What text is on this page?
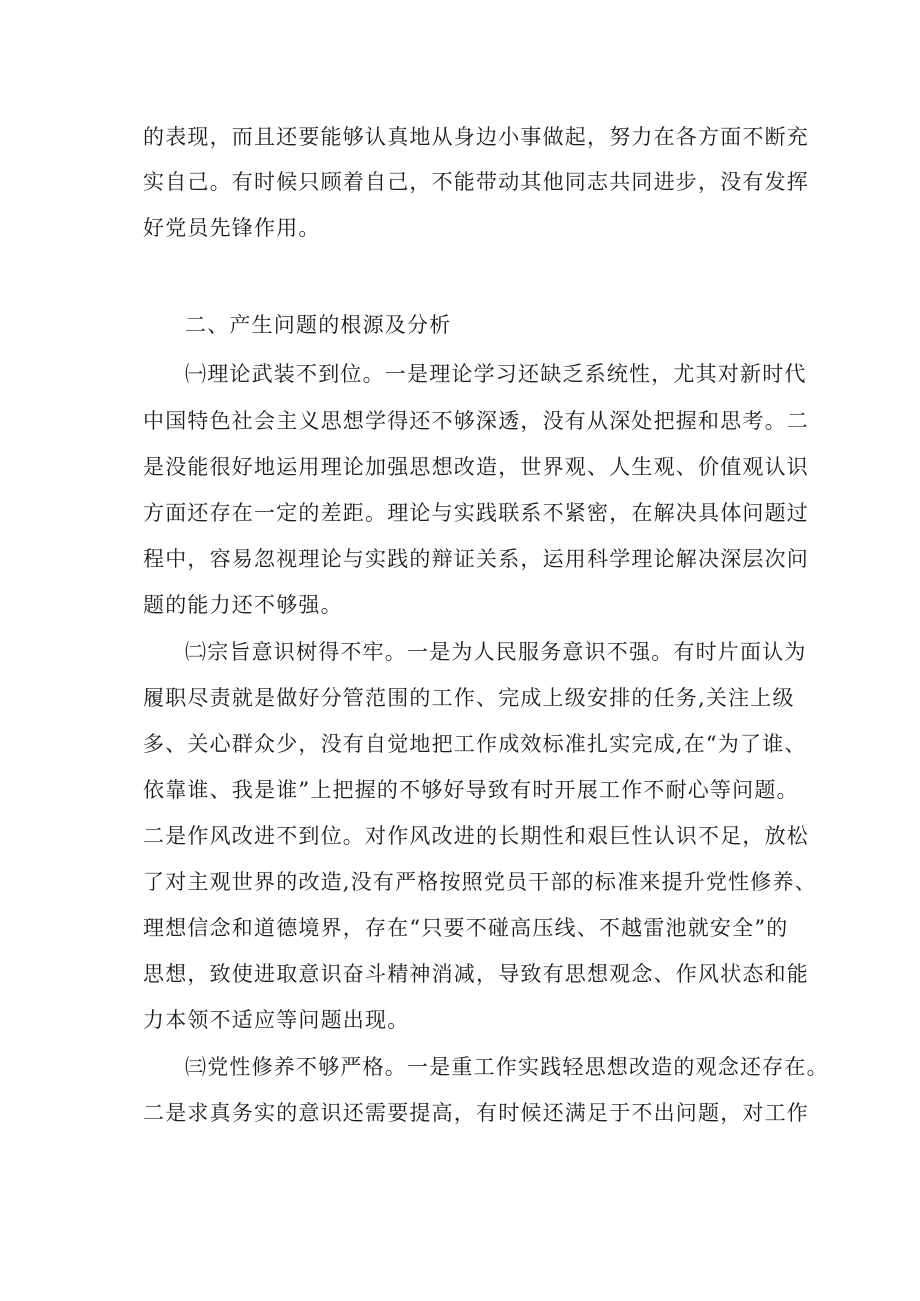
的表现，而且还要能够认真地从身边小事做起，努力在各方面不断充
实自己。有时候只顾着自己，不能带动其他同志共同进步，没有发挥
好党员先锋作用。
二、产生问题的根源及分析
㈠理论武装不到位。一是理论学习还缺乏系统性，尤其对新时代
中国特色社会主义思想学得还不够深透，没有从深处把握和思考。二
是没能很好地运用理论加强思想改造，世界观、人生观、价值观认识
方面还存在一定的差距。理论与实践联系不紧密，在解决具体问题过
程中，容易忽视理论与实践的辩证关系，运用科学理论解决深层次问
题的能力还不够强。
㈡宗旨意识树得不牢。一是为人民服务意识不强。有时片面认为
履职尽责就是做好分管范围的工作、完成上级安排的任务,关注上级
多、关心群众少，没有自觉地把工作成效标准扎实完成,在“为了谁、
依靠谁、我是谁”上把握的不够好导致有时开展工作不耐心等问题。
二是作风改进不到位。对作风改进的长期性和艰巨性认识不足，放松
了对主观世界的改造,没有严格按照党员干部的标准来提升党性修养、
理想信念和道德境界，存在“只要不碰高压线、不越雷池就安全”的
思想，致使进取意识奋斗精神消减，导致有思想观念、作风状态和能
力本领不适应等问题出现。
㈢党性修养不够严格。一是重工作实践轻思想改造的观念还存在。
二是求真务实的意识还需要提高，有时候还满足于不出问题，对工作
